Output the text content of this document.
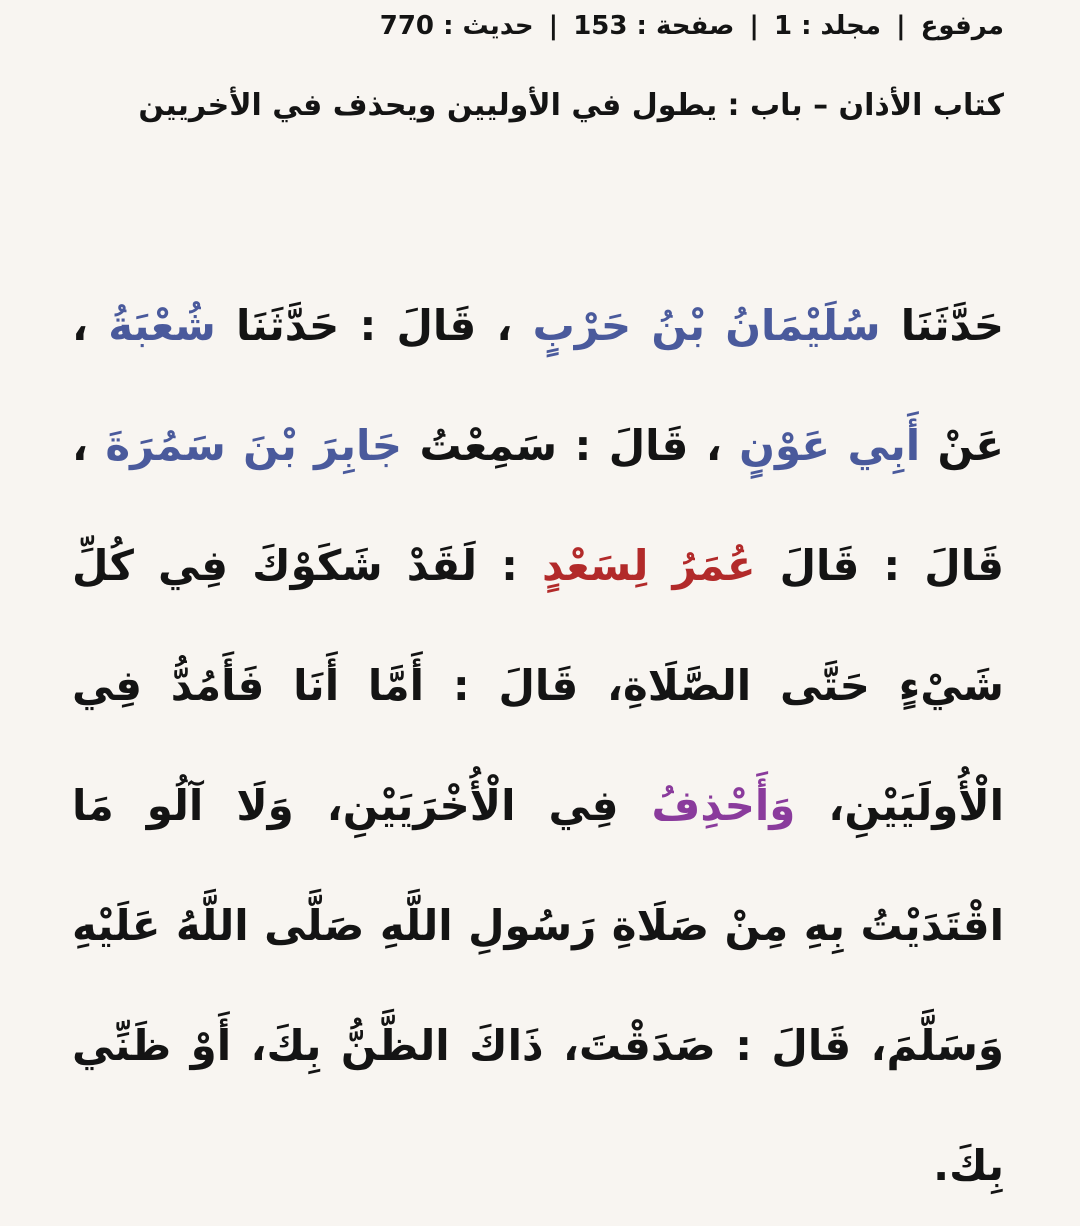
مرفوع | مجلد : 1 | صفحة : 153 | حديث : 770
كتاب الأذان – باب : يطول في الأوليين ويحذف في الأخريين

حَدَّثَنَا سُلَيْمَانُ بْنُ حَرْبٍ ، قَالَ : حَدَّثَنَا شُعْبَةُ ، عَنْ أَبِي عَوْنٍ ، قَالَ : سَمِعْتُ جَابِرَ بْنَ سَمُرَةَ ، قَالَ : قَالَ عُمَرُ لِسَعْدٍ : لَقَدْ شَكَوْكَ فِي كُلِّ شَيْءٍ حَتَّى الصَّلَاةِ، قَالَ : أَمَّا أَنَا فَأَمُدُّ فِي الْأُولَيَيْنِ، وَأَحْذِفُ فِي الْأُخْرَيَيْنِ، وَلَا آلُو مَا اقْتَدَيْتُ بِهِ مِنْ صَلَاةِ رَسُولِ اللَّهِ صَلَّى اللَّهُ عَلَيْهِ وَسَلَّمَ، قَالَ : صَدَقْتَ، ذَاكَ الظَّنُّ بِكَ، أَوْ ظَنِّي بِكَ.
